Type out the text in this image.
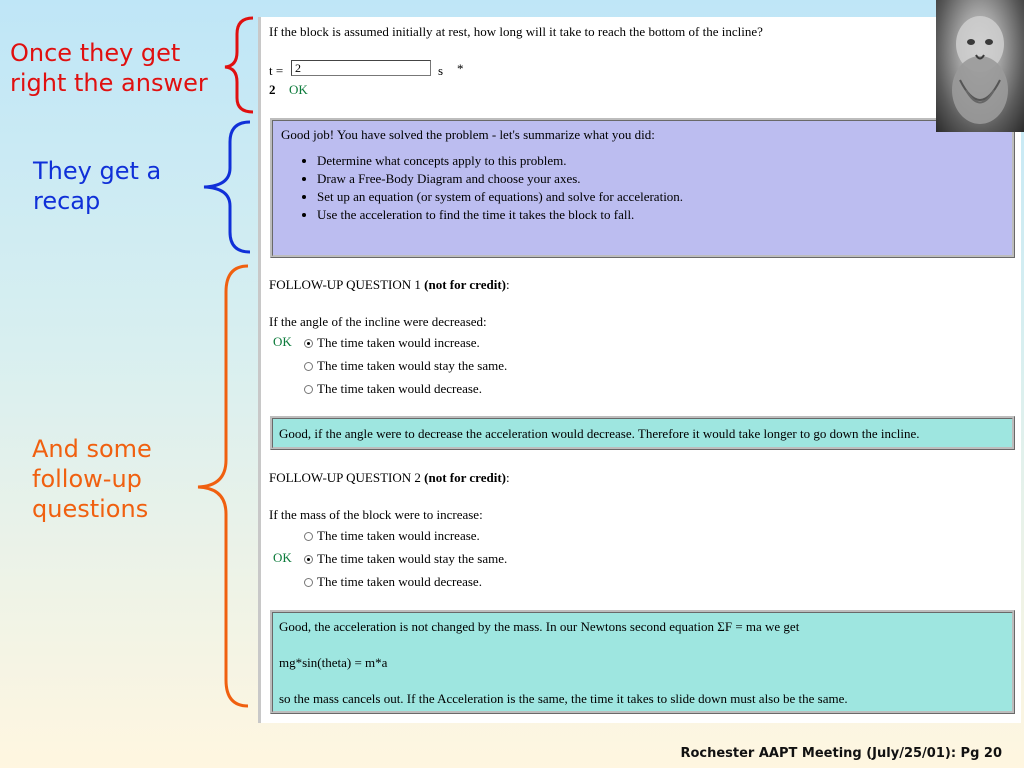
Once they get
right the answer
They get a
recap
And some
follow-up
questions
If the block is assumed initially at rest, how long will it take to reach the bottom of the incline?
t =
2	s *
2 OK
Good job! You have solved the problem - let's summarize what you did:
• Determine what concepts apply to this problem.
• Draw a Free-Body Diagram and choose your axes.
• Set up an equation (or system of equations) and solve for acceleration.
• Use the acceleration to find the time it takes the block to fall.
FOLLOW-UP QUESTION 1 (not for credit):
If the angle of the incline were decreased:
OK	The time taken would increase.
The time taken would stay the same.
The time taken would decrease.
Good, if the angle were to decrease the acceleration would decrease. Therefore it would take longer to go down the incline.
FOLLOW-UP QUESTION 2 (not for credit):
If the mass of the block were to increase:
The time taken would increase.
OK	The time taken would stay the same.
The time taken would decrease.
Good, the acceleration is not changed by the mass. In our Newtons second equation ΣF = ma we get
mg*sin(theta) = m*a
so the mass cancels out. If the Acceleration is the same, the time it takes to slide down must also be the same.
Rochester AAPT Meeting (July/25/01): Pg 20
